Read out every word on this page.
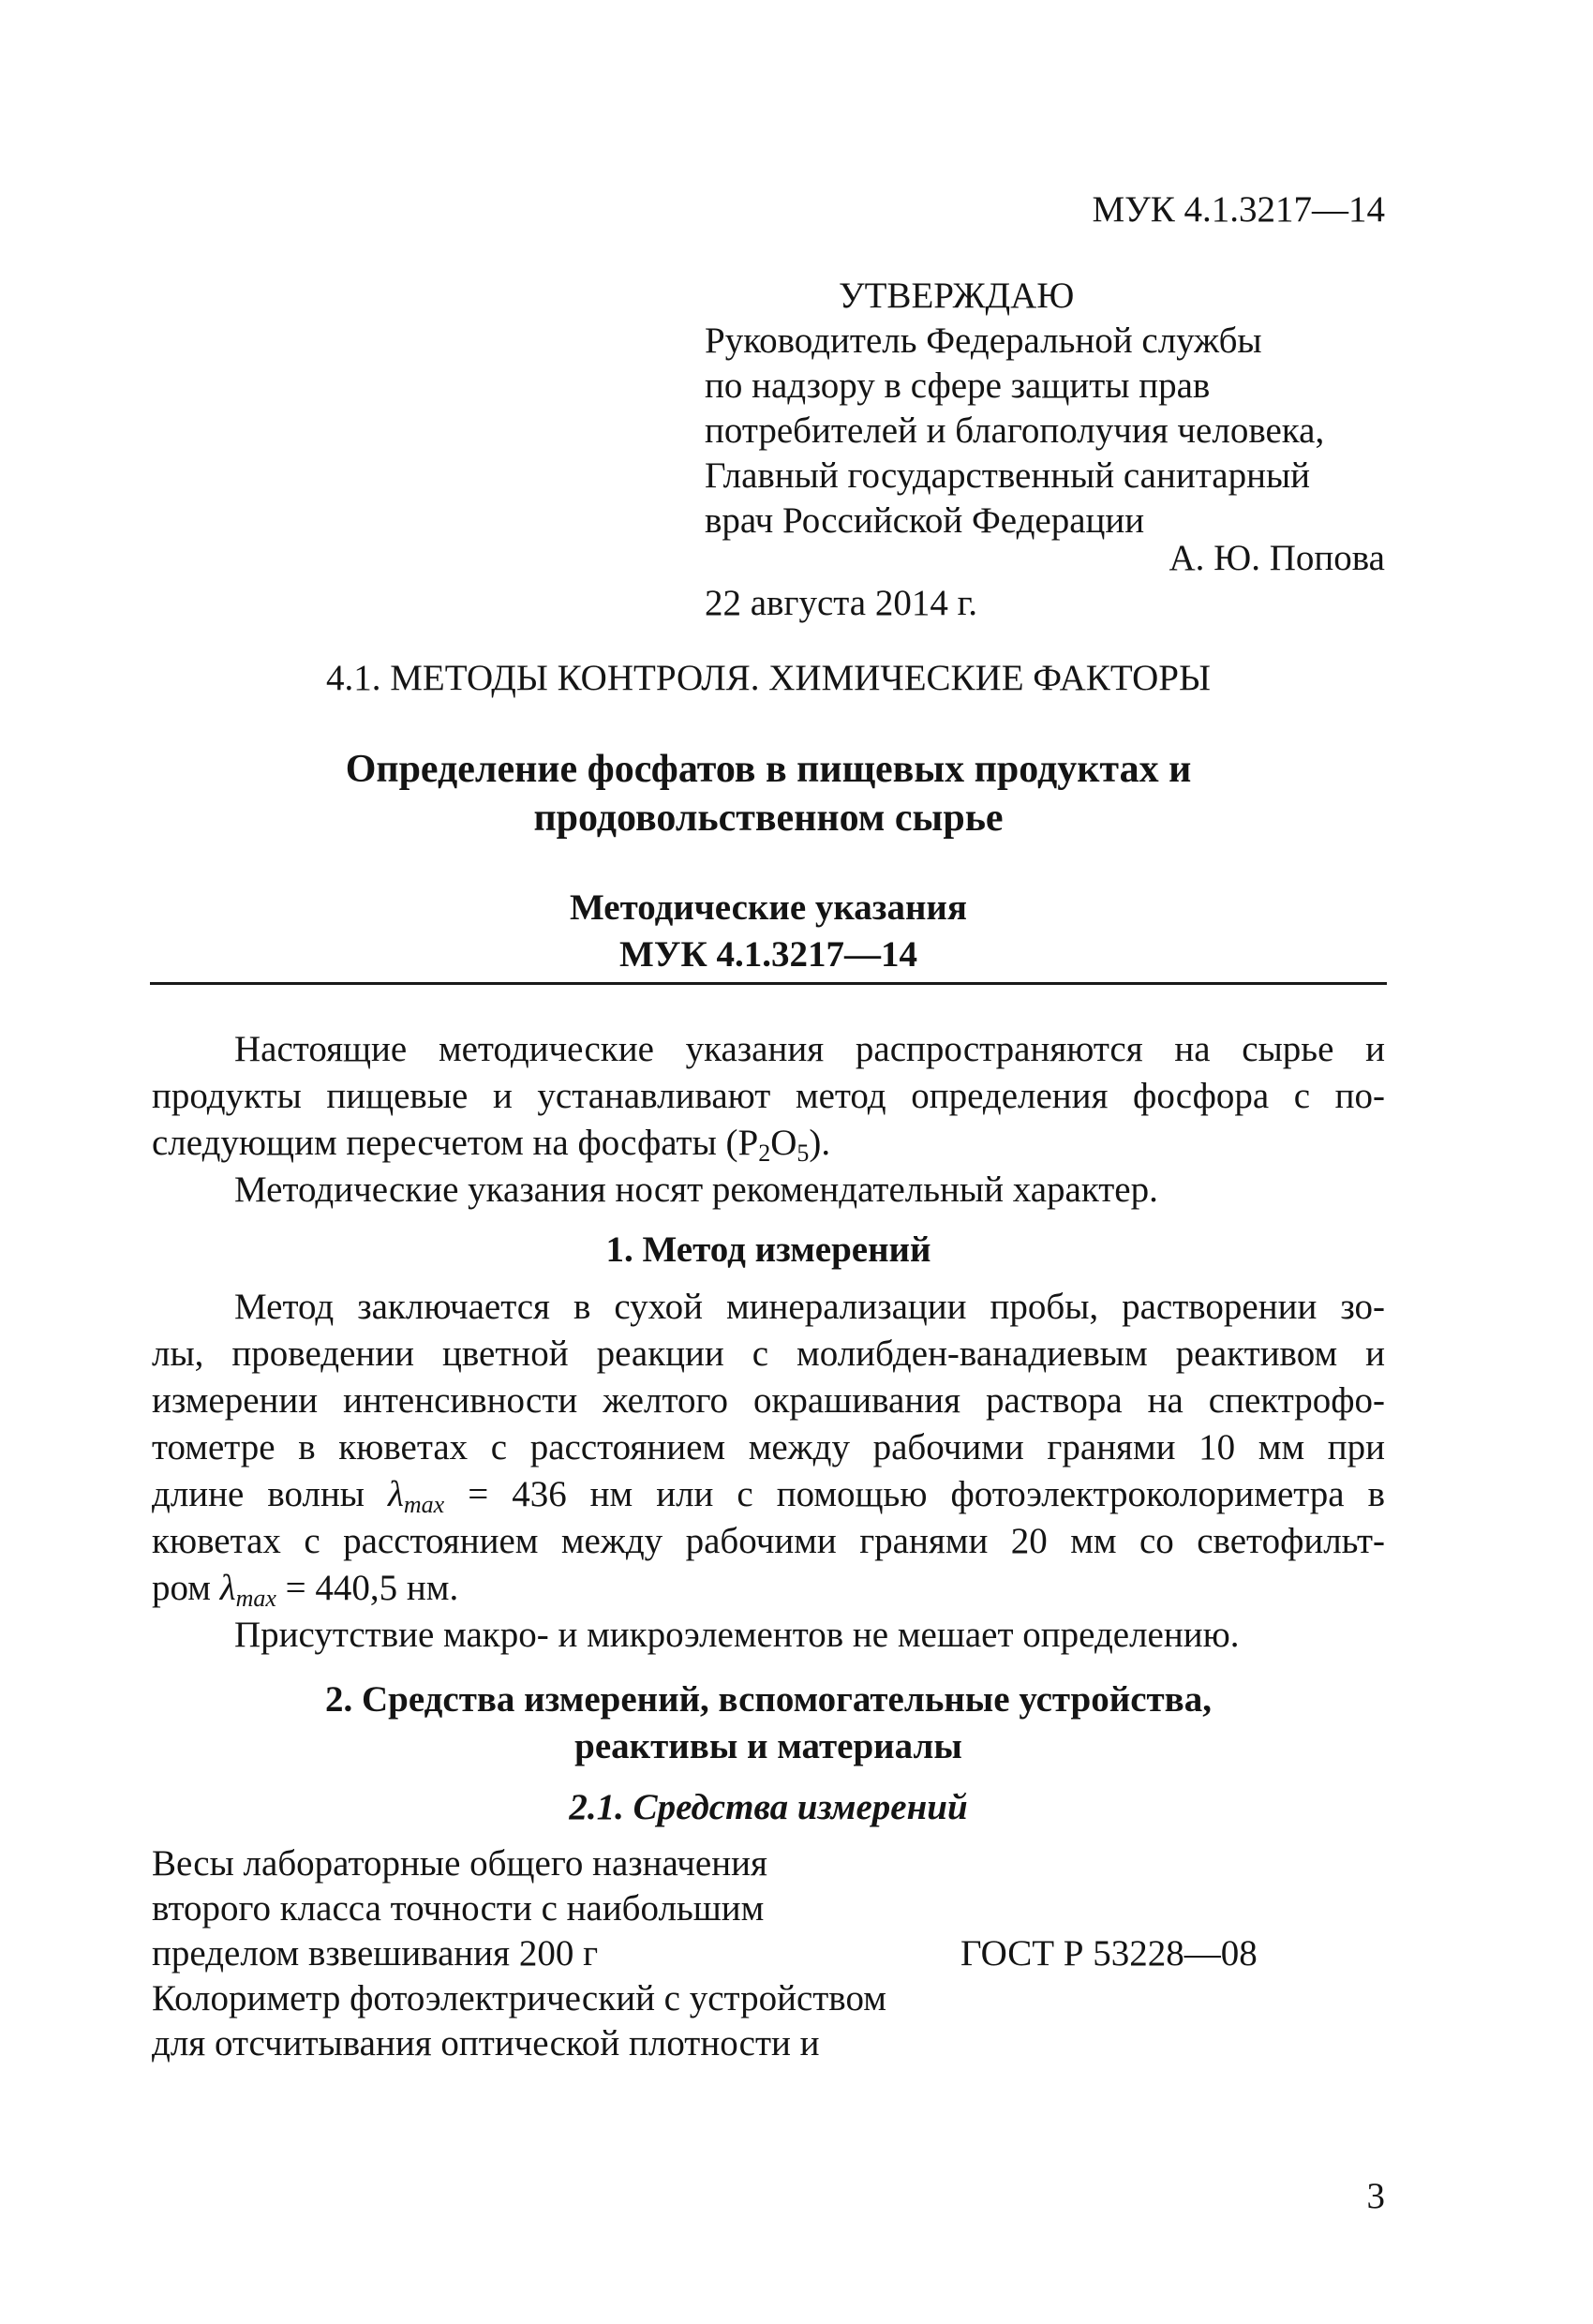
МУК 4.1.3217—14
УТВЕРЖДАЮ
Руководитель Федеральной службы
по надзору в сфере защиты прав
потребителей и благополучия человека,
Главный государственный санитарный
врач Российской Федерации
А. Ю. Попова
22 августа 2014 г.
4.1. МЕТОДЫ КОНТРОЛЯ. ХИМИЧЕСКИЕ ФАКТОРЫ
Определение фосфатов в пищевых продуктах и
продовольственном сырье
Методические указания
МУК 4.1.3217—14
Настоящие методические указания распространяются на сырье и
продукты пищевые и устанавливают метод определения фосфора с по-
следующим пересчетом на фосфаты $(P_2O_5)$.
Методические указания носят рекомендательный характер.
1. Метод измерений
Метод заключается в сухой минерализации пробы, растворении зо-
лы, проведении цветной реакции с молибден-ванадиевым реактивом и
измерении интенсивности желтого окрашивания раствора на спектрофо-
тометре в кюветах с расстоянием между рабочими гранями 10 мм при
длине волны $\lambda_{max} = 436$ нм или с помощью фотоэлектроколориметра в
кюветах с расстоянием между рабочими гранями 20 мм со светофильт-
ром $\lambda_{max} = 440,5$ нм.
Присутствие макро- и микроэлементов не мешает определению.
2. Средства измерений, вспомогательные устройства,
реактивы и материалы
2.1. Средства измерений
Весы лабораторные общего назначения
второго класса точности с наибольшим
пределом взвешивания 200 г	ГОСТ Р 53228—08
Колориметр фотоэлектрический с устройством
для отсчитывания оптической плотности и
3
